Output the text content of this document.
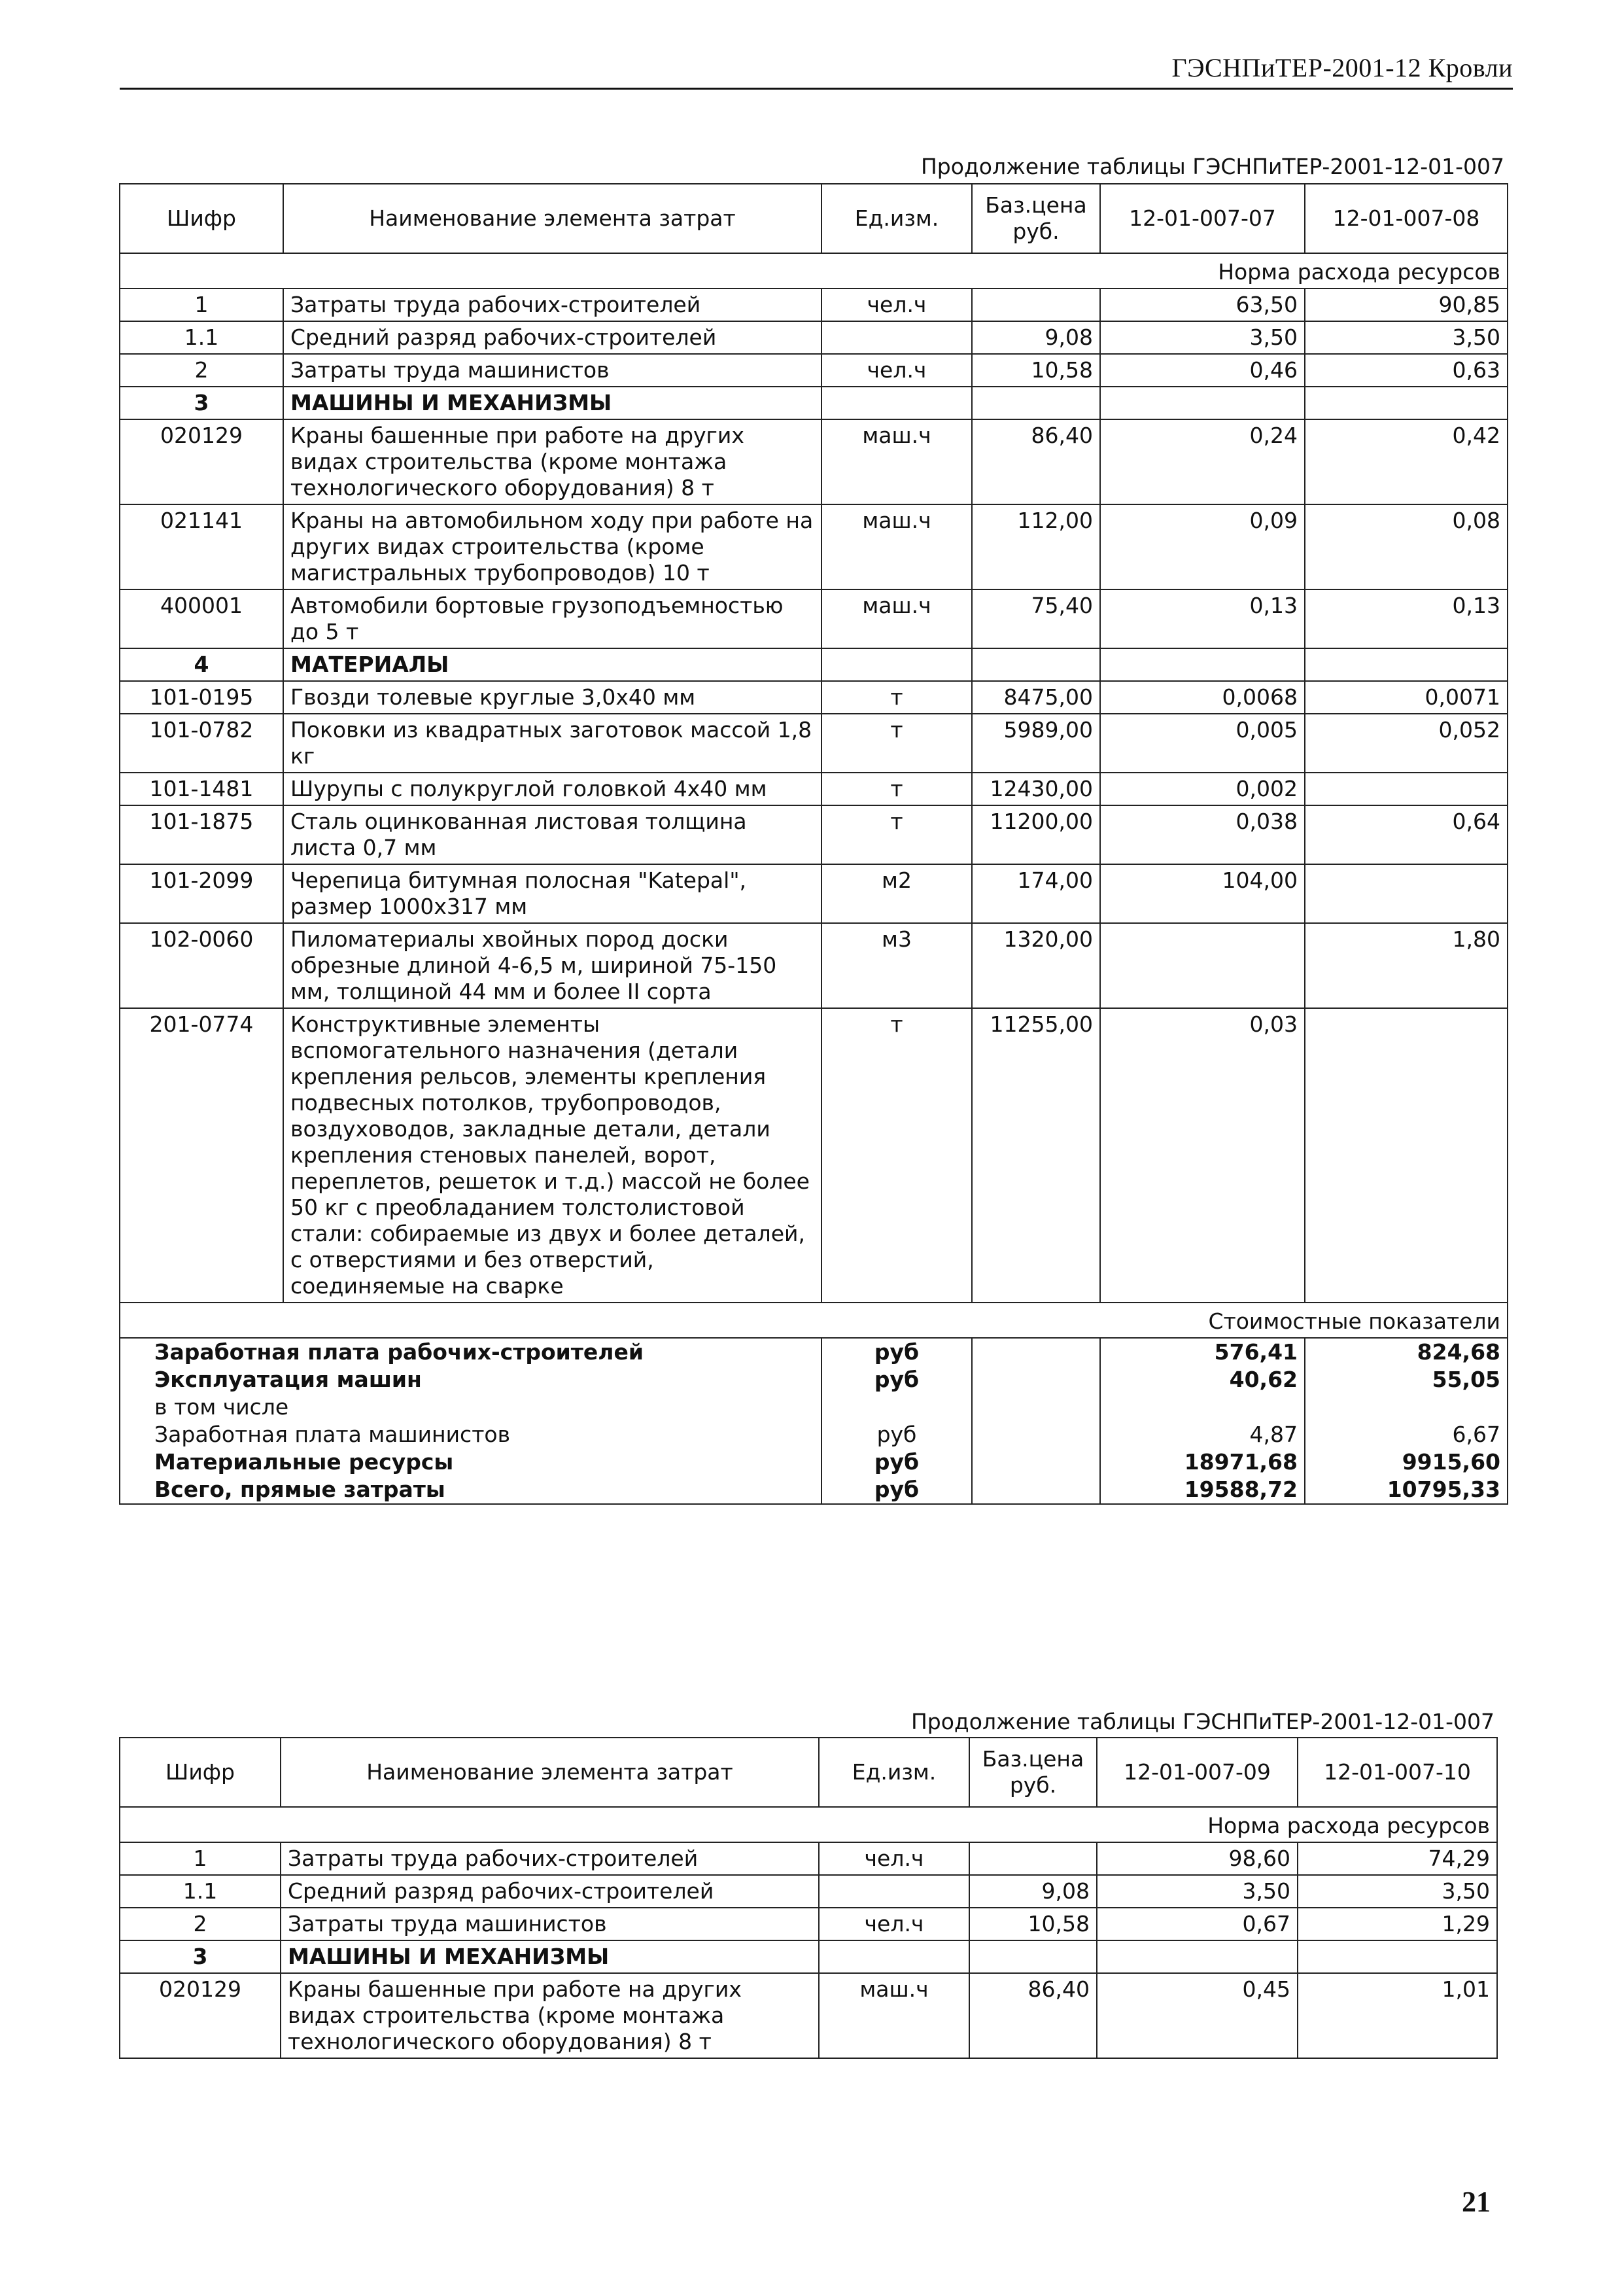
ГЭСНПиТЕР-2001-12 Кровли
Продолжение таблицы ГЭСНПиТЕР-2001-12-01-007
Шифр	Наименование элемента затрат	Ед.изм.	Баз.цена руб.	12-01-007-07	12-01-007-08
Норма расхода ресурсов					
1	Затраты труда рабочих-строителей	чел.ч		63,50	90,85
1.1	Средний разряд рабочих-строителей		9,08	3,50	3,50
2	Затраты труда машинистов	чел.ч	10,58	0,46	0,63
3	МАШИНЫ И МЕХАНИЗМЫ				
020129	Краны башенные при работе на других видах строительства (кроме монтажа технологического оборудования) 8 т	маш.ч	86,40	0,24	0,42
021141	Краны на автомобильном ходу при работе на других видах строительства (кроме магистральных трубопроводов) 10 т	маш.ч	112,00	0,09	0,08
400001	Автомобили бортовые грузоподъемностью до 5 т	маш.ч	75,40	0,13	0,13
4	МАТЕРИАЛЫ				
101-0195	Гвозди толевые круглые 3,0х40 мм	т	8475,00	0,0068	0,0071
101-0782	Поковки из квадратных заготовок массой 1,8 кг	т	5989,00	0,005	0,052
101-1481	Шурупы с полукруглой головкой 4х40 мм	т	12430,00	0,002	
101-1875	Сталь оцинкованная листовая толщина листа 0,7 мм	т	11200,00	0,038	0,64
101-2099	Черепица битумная полосная "Katepal", размер 1000х317 мм	м2	174,00	104,00	
102-0060	Пиломатериалы хвойных пород доски обрезные длиной 4-6,5 м, шириной 75-150 мм, толщиной 44 мм и более II сорта	м3	1320,00		1,80
201-0774	Конструктивные элементы вспомогательного назначения (детали крепления рельсов, элементы крепления подвесных потолков, трубопроводов, воздуховодов, закладные детали, детали крепления стеновых панелей, ворот, переплетов, решеток и т.д.) массой не более 50 кг с преобладанием толстолистовой стали: собираемые из двух и более деталей, с отверстиями и без отверстий, соединяемые на сварке	т	11255,00	0,03	
Стоимостные показатели					
Заработная плата рабочих-строителей		руб		576,41	824,68
Эксплуатация машин		руб		40,62	55,05
в том числе					
Заработная плата машинистов		руб		4,87	6,67
Материальные ресурсы		руб		18971,68	9915,60
Всего, прямые затраты		руб		19588,72	10795,33
Продолжение таблицы ГЭСНПиТЕР-2001-12-01-007
Шифр	Наименование элемента затрат	Ед.изм.	Баз.цена руб.	12-01-007-09	12-01-007-10
Норма расхода ресурсов					
1	Затраты труда рабочих-строителей	чел.ч		98,60	74,29
1.1	Средний разряд рабочих-строителей		9,08	3,50	3,50
2	Затраты труда машинистов	чел.ч	10,58	0,67	1,29
3	МАШИНЫ И МЕХАНИЗМЫ				
020129	Краны башенные при работе на других видах строительства (кроме монтажа технологического оборудования) 8 т	маш.ч	86,40	0,45	1,01
21
